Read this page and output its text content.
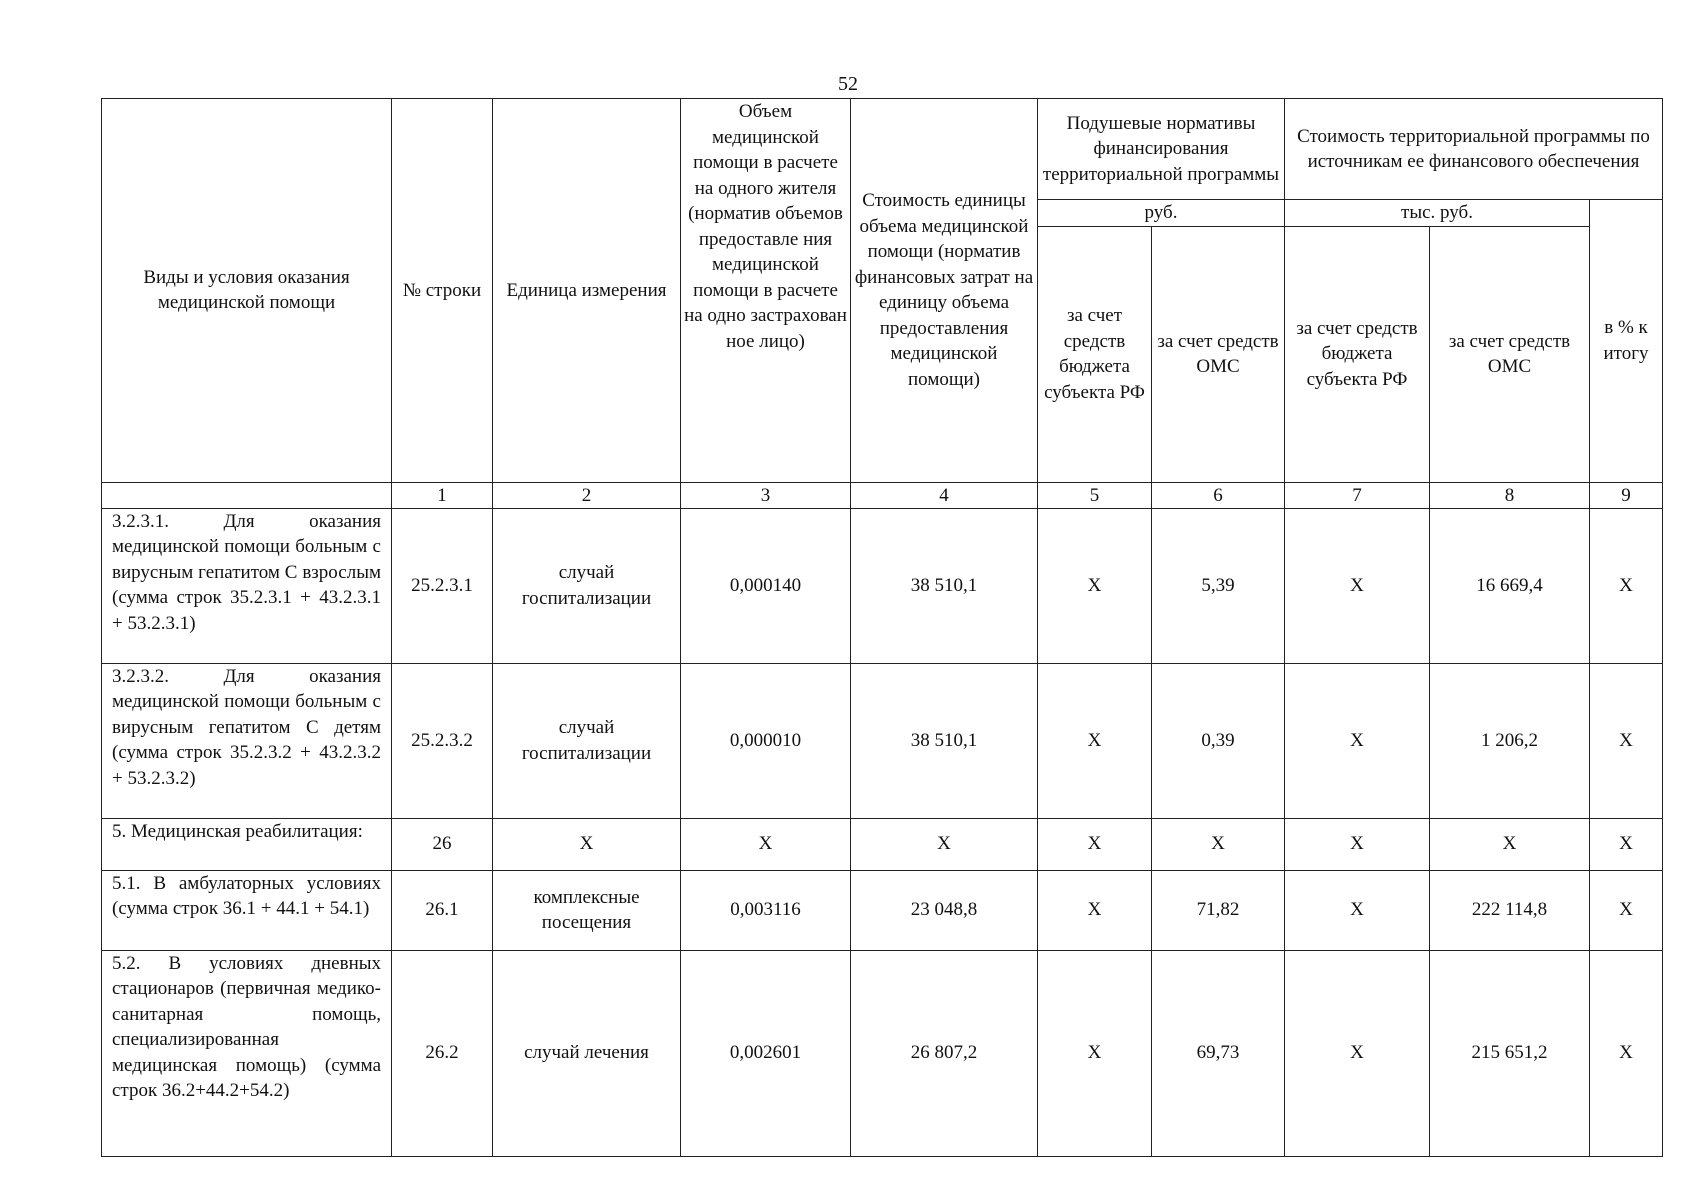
52
Виды и условия оказания медицинской помощи	№ строки	Единица измерения	Объем медицинской помощи в расчете на одного жителя (норматив объемов предоставле ния медицинской помощи в расчете на одно застрахован ное лицо)	Стоимость единицы объема медицинской помощи (норматив финансовых затрат на единицу объема предоставления медицинской помощи)	Подушевые нормативы финансирования территориальной программы		Стоимость территориальной программы по источникам ее финансового обеспечения		
					руб.		тыс. руб.		в % к итогу
					за счет средств бюджета субъекта РФ	за счет средств ОМС	за счет средств бюджета субъекта РФ	за счет средств ОМС	
	1	2	3	4	5	6	7	8	9
3.2.3.1. Для оказания медицинской помощи больным с вирусным гепатитом С взрослым (сумма строк 35.2.3.1 + 43.2.3.1 + 53.2.3.1)	25.2.3.1	случай госпитализации	0,000140	38 510,1	Х	5,39	Х	16 669,4	Х
3.2.3.2. Для оказания медицинской помощи больным с вирусным гепатитом С детям (сумма строк 35.2.3.2 + 43.2.3.2 + 53.2.3.2)	25.2.3.2	случай госпитализации	0,000010	38 510,1	Х	0,39	Х	1 206,2	Х
5. Медицинская реабилитация:	26	Х	Х	Х	Х	Х	Х	Х	Х
5.1. В амбулаторных условиях (сумма строк 36.1 + 44.1 + 54.1)	26.1	комплексные посещения	0,003116	23 048,8	Х	71,82	Х	222 114,8	Х
5.2. В условиях дневных стационаров (первичная медико-санитарная помощь, специализированная медицинская помощь) (сумма строк 36.2+44.2+54.2)	26.2	случай лечения	0,002601	26 807,2	Х	69,73	Х	215 651,2	Х
